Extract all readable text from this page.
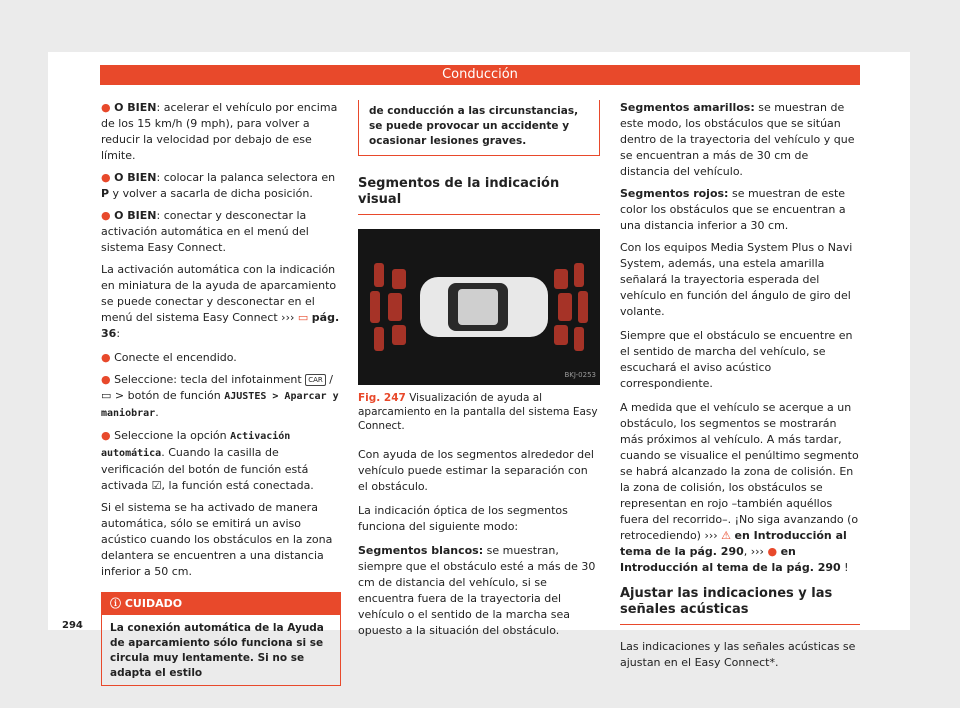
Conducción

● O BIEN: acelerar el vehículo por encima de los 15 km/h (9 mph), para volver a reducir la velocidad por debajo de ese límite.

● O BIEN: colocar la palanca selectora en P y volver a sacarla de dicha posición.

● O BIEN: conectar y desconectar la activación automática en el menú del sistema Easy Connect.

La activación automática con la indicación en miniatura de la ayuda de aparcamiento se puede conectar y desconectar en el menú del sistema Easy Connect ››› ▭ pág. 36:

● Conecte el encendido.

● Seleccione: tecla del infotainment CAR / ▭ > botón de función AJUSTES > Aparcar y maniobrar.

● Seleccione la opción Activación automática. Cuando la casilla de verificación del botón de función está activada ☑, la función está conectada.

Si el sistema se ha activado de manera automática, sólo se emitirá un aviso acústico cuando los obstáculos en la zona delantera se encuentren a una distancia inferior a 50 cm.

ⓘ CUIDADO
La conexión automática de la Ayuda de aparcamiento sólo funciona si se circula muy lentamente. Si no se adapta el estilo
de conducción a las circunstancias, se puede provocar un accidente y ocasionar lesiones graves.
Segmentos de la indicación visual
BKJ-0253
Fig. 247 Visualización de ayuda al aparcamiento en la pantalla del sistema Easy Connect.

Con ayuda de los segmentos alrededor del vehículo puede estimar la separación con el obstáculo.

La indicación óptica de los segmentos funciona del siguiente modo:

Segmentos blancos: se muestran, siempre que el obstáculo esté a más de 30 cm de distancia del vehículo, si se encuentra fuera de la trayectoria del vehículo o el sentido de la marcha sea opuesto a la situación del obstáculo.
Segmentos amarillos: se muestran de este modo, los obstáculos que se sitúan dentro de la trayectoria del vehículo y que se encuentran a más de 30 cm de distancia del vehículo.
Segmentos rojos: se muestran de este color los obstáculos que se encuentran a una distancia inferior a 30 cm.

Con los equipos Media System Plus o Navi System, además, una estela amarilla señalará la trayectoria esperada del vehículo en función del ángulo de giro del volante.

Siempre que el obstáculo se encuentre en el sentido de marcha del vehículo, se escuchará el aviso acústico correspondiente.

A medida que el vehículo se acerque a un obstáculo, los segmentos se mostrarán más próximos al vehículo. A más tardar, cuando se visualice el penúltimo segmento se habrá alcanzado la zona de colisión. En la zona de colisión, los obstáculos se representan en rojo –también aquéllos fuera del recorrido–. ¡No siga avanzando (o retrocediendo) ››› ⚠ en Introducción al tema de la pág. 290, ››› ● en Introducción al tema de la pág. 290 !

Ajustar las indicaciones y las señales acústicas

Las indicaciones y las señales acústicas se ajustan en el Easy Connect*.

294
